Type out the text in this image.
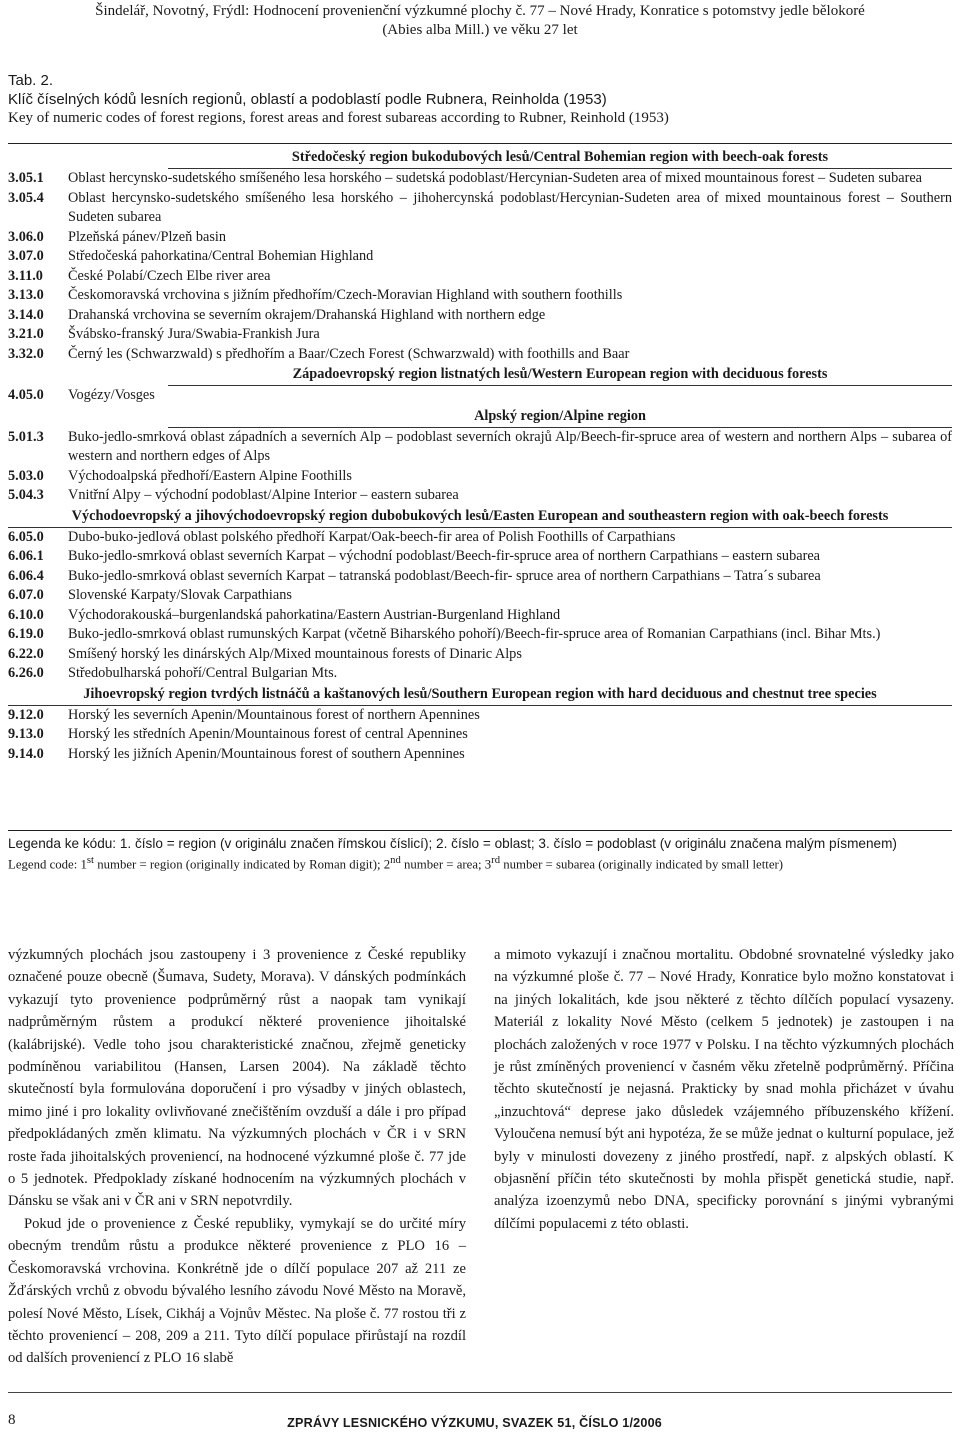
Šindelář, Novotný, Frýdl: Hodnocení provenienční výzkumné plochy č. 77 – Nové Hrady, Konratice s potomstvy jedle bělokoré
(Abies alba Mill.) ve věku 27 let
Tab. 2.
Klíč číselných kódů lesních regionů, oblastí a podoblastí podle Rubnera, Reinholda (1953)
Key of numeric codes of forest regions, forest areas and forest subareas according to Rubner, Reinhold (1953)
Středočeský region bukodubových lesů/Central Bohemian region with beech-oak forests
3.05.1	Oblast hercynsko-sudetského smíšeného lesa horského – sudetská podoblast/Hercynian-Sudeten area of mixed mountainous forest – Sudeten subarea
3.05.4	Oblast hercynsko-sudetského smíšeného lesa horského – jihohercynská podoblast/Hercynian-Sudeten area of mixed mountainous forest – Southern Sudeten subarea
3.06.0	Plzeňská pánev/Plzeň basin
3.07.0	Středočeská pahorkatina/Central Bohemian Highland
3.11.0	České Polabí/Czech Elbe river area
3.13.0	Českomoravská vrchovina s jižním předhořím/Czech-Moravian Highland with southern foothills
3.14.0	Drahanská vrchovina se severním okrajem/Drahanská Highland with northern edge
3.21.0	Švábsko-franský Jura/Swabia-Frankish Jura
3.32.0	Černý les (Schwarzwald) s předhořím a Baar/Czech Forest (Schwarzwald) with foothills and Baar
Západoevropský region listnatých lesů/Western European region with deciduous forests
4.05.0	Vogézy/Vosges
Alpský region/Alpine region
5.01.3	Buko-jedlo-smrková oblast západních a severních Alp – podoblast severních okrajů Alp/Beech-fir-spruce area of western and northern Alps – subarea of western and northern edges of Alps
5.03.0	Východoalpská předhoří/Eastern Alpine Foothills
5.04.3	Vnitřní Alpy – východní podoblast/Alpine Interior – eastern subarea
Východoevropský a jihovýchodoevropský region dubobukových lesů/Easten European and southeastern region with oak-beech forests
6.05.0	Dubo-buko-jedlová oblast polského předhoří Karpat/Oak-beech-fir area of Polish Foothills of Carpathians
6.06.1	Buko-jedlo-smrková oblast severních Karpat – východní podoblast/Beech-fir-spruce area of northern Carpathians – eastern subarea
6.06.4	Buko-jedlo-smrková oblast severních Karpat – tatranská podoblast/Beech-fir- spruce area of northern Carpathians – Tatra´s subarea
6.07.0	Slovenské Karpaty/Slovak Carpathians
6.10.0	Východorakouská–burgenlandská pahorkatina/Eastern Austrian-Burgenland Highland
6.19.0	Buko-jedlo-smrková oblast rumunských Karpat (včetně Biharského pohoří)/Beech-fir-spruce area of Romanian Carpathians (incl. Bihar Mts.)
6.22.0	Smíšený horský les dinárských Alp/Mixed mountainous forests of Dinaric Alps
6.26.0	Středobulharská pohoří/Central Bulgarian Mts.
Jihoevropský region tvrdých listnáčů a kaštanových lesů/Southern European region with hard deciduous and chestnut tree species
9.12.0	Horský les severních Apenin/Mountainous forest of northern Apennines
9.13.0	Horský les středních Apenin/Mountainous forest of central Apennines
9.14.0	Horský les jižních Apenin/Mountainous forest of southern Apennines
Legenda ke kódu: 1. číslo = region (v originálu značen římskou číslicí); 2. číslo = oblast; 3. číslo = podoblast (v originálu značena malým písmenem)
Legend code: 1st number = region (originally indicated by Roman digit); 2nd number = area; 3rd number = subarea (originally indicated by small letter)

výzkumných plochách jsou zastoupeny i 3 provenience z České republiky označené pouze obecně (Šumava, Sudety, Morava). V dánských podmínkách vykazují tyto provenience podprůměrný růst a naopak tam vynikají nadprůměrným růstem a produkcí některé provenience jihoitalské (kalábrijské). Vedle toho jsou charakteristické značnou, zřejmě geneticky podmíněnou variabilitou (Hansen, Larsen 2004). Na základě těchto skutečností byla formulována doporučení i pro výsadby v jiných oblastech, mimo jiné i pro lokality ovlivňované znečištěním ovzduší a dále i pro případ předpokládaných změn klimatu. Na výzkumných plochách v ČR i v SRN roste řada jihoitalských proveniencí, na hodnocené výzkumné ploše č. 77 jde o 5 jednotek. Předpoklady získané hodnocením na výzkumných plochách v Dánsku se však ani v ČR ani v SRN nepotvrdily.

Pokud jde o provenience z České republiky, vymykají se do určité míry obecným trendům růstu a produkce některé provenience z PLO 16 – Českomoravská vrchovina. Konkrétně jde o dílčí populace 207 až 211 ze Žďárských vrchů z obvodu bývalého lesního závodu Nové Město na Moravě, polesí Nové Město, Lísek, Cikháj a Vojnův Městec. Na ploše č. 77 rostou tři z těchto proveniencí – 208, 209 a 211. Tyto dílčí populace přirůstají na rozdíl od dalších proveniencí z PLO 16 slabě

a mimoto vykazují i značnou mortalitu. Obdobné srovnatelné výsledky jako na výzkumné ploše č. 77 – Nové Hrady, Konratice bylo možno konstatovat i na jiných lokalitách, kde jsou některé z těchto dílčích populací vysazeny. Materiál z lokality Nové Město (celkem 5 jednotek) je zastoupen i na plochách založených v roce 1977 v Polsku. I na těchto výzkumných plochách je růst zmíněných proveniencí v časném věku zřetelně podprůměrný. Příčina těchto skutečností je nejasná. Prakticky by snad mohla přicházet v úvahu „inzuchtová“ deprese jako důsledek vzájemného příbuzenského křížení. Vyloučena nemusí být ani hypotéza, že se může jednat o kulturní populace, jež byly v minulosti dovezeny z jiného prostředí, např. z alpských oblastí. K objasnění příčin této skutečnosti by mohla přispět genetická studie, např. analýza izoenzymů nebo DNA, specificky porovnání s jinými vybranými dílčími populacemi z této oblasti.

8	ZPRÁVY LESNICKÉHO VÝZKUMU, SVAZEK 51, ČÍSLO 1/2006
